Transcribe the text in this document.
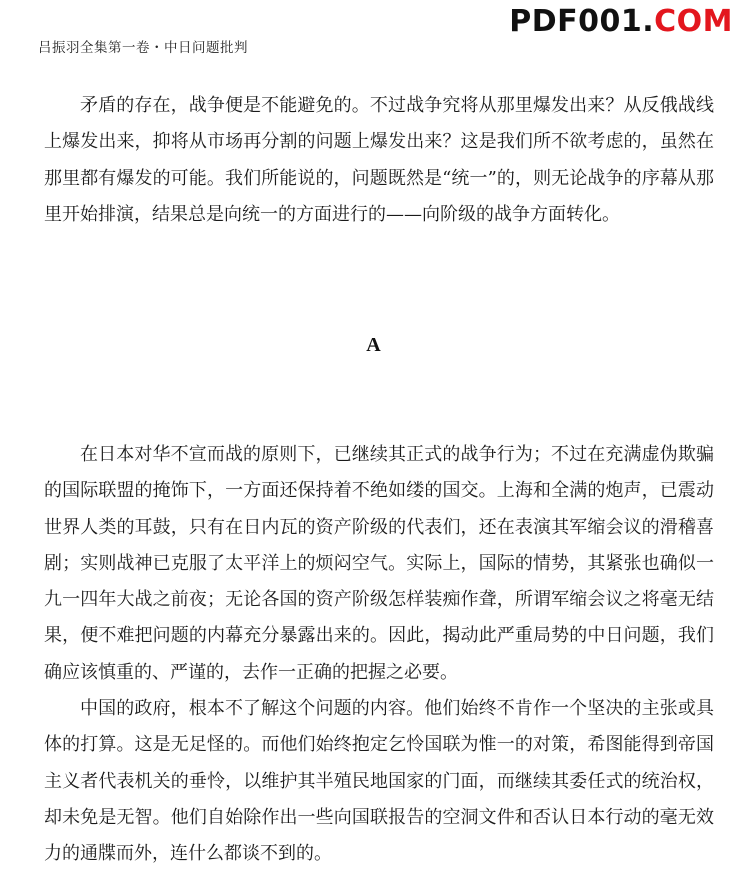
吕振羽全集第一卷・中日问题批判
PDF001.COM

矛盾的存在，战争便是不能避免的。不过战争究将从那里爆发出来？从反俄战线上爆发出来，抑将从市场再分割的问题上爆发出来？这是我们所不欲考虑的，虽然在那里都有爆发的可能。我们所能说的，问题既然是“统一”的，则无论战争的序幕从那里开始排演，结果总是向统一的方面进行的——向阶级的战争方面转化。

A

在日本对华不宣而战的原则下，已继续其正式的战争行为；不过在充满虚伪欺骗的国际联盟的掩饰下，一方面还保持着不绝如缕的国交。上海和全满的炮声，已震动世界人类的耳鼓，只有在日内瓦的资产阶级的代表们，还在表演其军缩会议的滑稽喜剧；实则战神已克服了太平洋上的烦闷空气。实际上，国际的情势，其紧张也确似一九一四年大战之前夜；无论各国的资产阶级怎样装痴作聋，所谓军缩会议之将毫无结果，便不难把问题的内幕充分暴露出来的。因此，揭动此严重局势的中日问题，我们确应该慎重的、严谨的，去作一正确的把握之必要。

中国的政府，根本不了解这个问题的内容。他们始终不肯作一个坚决的主张或具体的打算。这是无足怪的。而他们始终抱定乞怜国联为惟一的对策，希图能得到帝国主义者代表机关的垂怜，以维护其半殖民地国家的门面，而继续其委任式的统治权，却未免是无智。他们自始除作出一些向国联报告的空洞文件和否认日本行动的毫无效力的通牒而外，连什么都谈不到的。
